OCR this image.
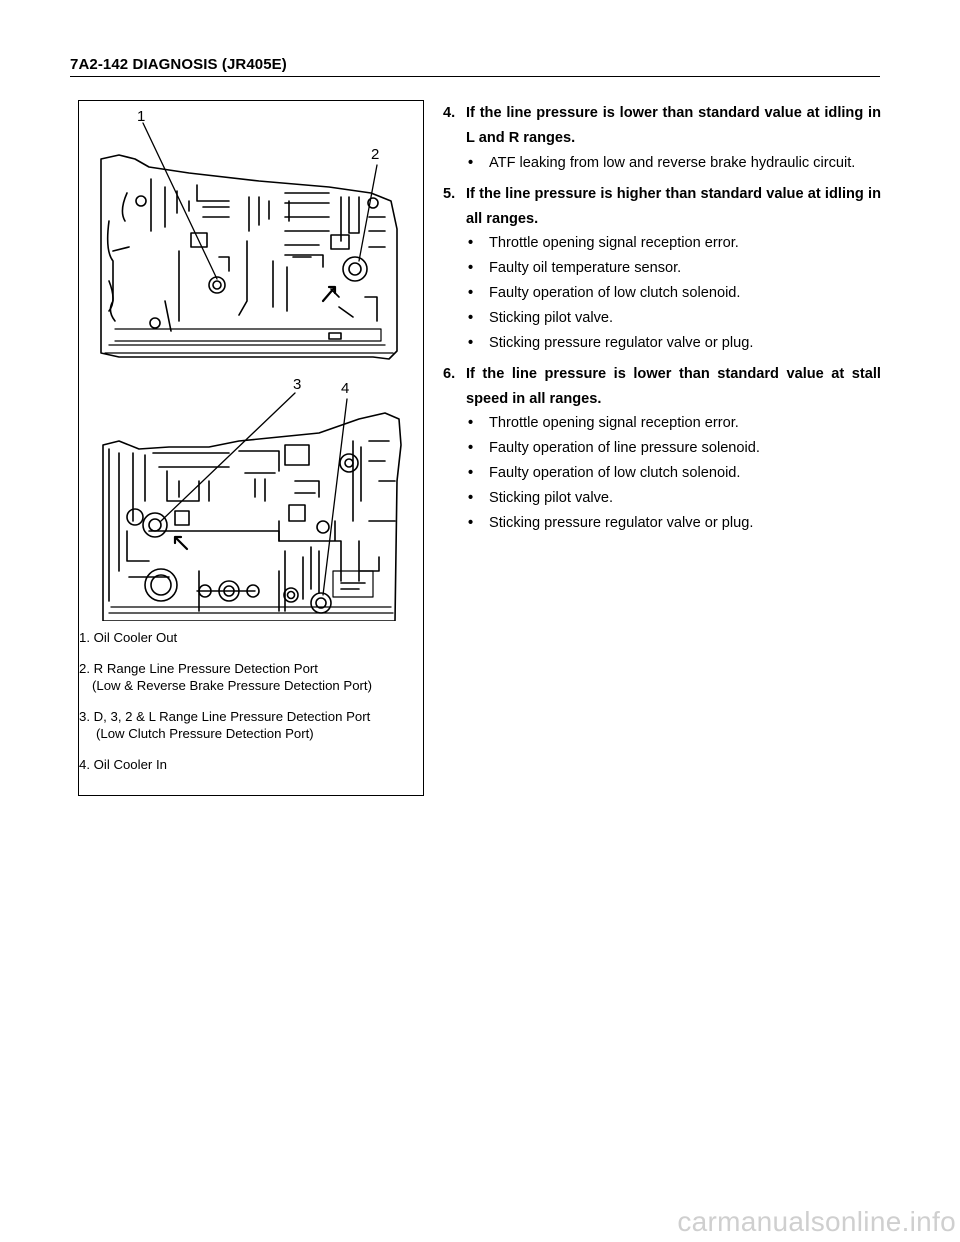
7A2-142 DIAGNOSIS (JR405E)
1
2
3	4
1. Oil Cooler Out
2. R Range Line Pressure Detection Port
(Low & Reverse Brake Pressure Detection Port)
3. D, 3, 2 & L Range Line Pressure Detection Port
(Low Clutch Pressure Detection Port)
4. Oil Cooler In
4. If the line pressure is lower than standard value at idling in L and R ranges.
• ATF leaking from low and reverse brake hydraulic circuit.
5. If the line pressure is higher than standard value at idling in all ranges.
• Throttle opening signal reception error.
• Faulty oil temperature sensor.
• Faulty operation of low clutch solenoid.
• Sticking pilot valve.
• Sticking pressure regulator valve or plug.
6. If the line pressure is lower than standard value at stall speed in all ranges.
• Throttle opening signal reception error.
• Faulty operation of line pressure solenoid.
• Faulty operation of low clutch solenoid.
• Sticking pilot valve.
• Sticking pressure regulator valve or plug.
carmanualsonline.info
